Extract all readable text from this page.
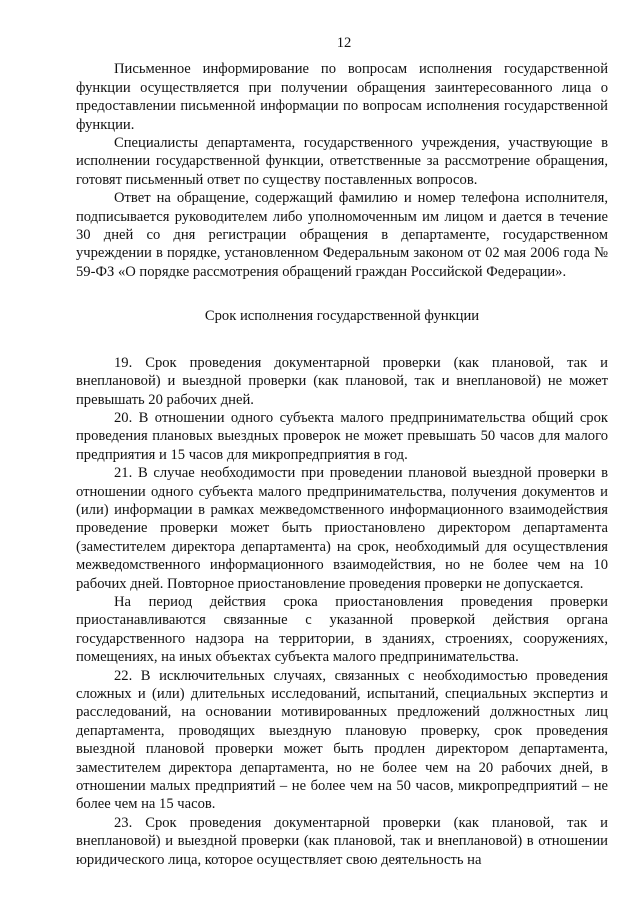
12

Письменное информирование по вопросам исполнения государственной функции осуществляется при получении обращения заинтересованного лица о предоставлении письменной информации по вопросам исполнения государственной функции.

Специалисты департамента, государственного учреждения, участвующие в исполнении государственной функции, ответственные за рассмотрение обращения, готовят письменный ответ по существу поставленных вопросов.

Ответ на обращение, содержащий фамилию и номер телефона исполнителя, подписывается руководителем либо уполномоченным им лицом и дается в течение 30 дней со дня регистрации обращения в департаменте, государственном учреждении в порядке, установленном Федеральным законом от 02 мая 2006 года № 59-ФЗ «О порядке рассмотрения обращений граждан Российской Федерации».

Срок исполнения государственной функции

19. Срок проведения документарной проверки (как плановой, так и внеплановой) и выездной проверки (как плановой, так и внеплановой) не может превышать 20 рабочих дней.

20. В отношении одного субъекта малого предпринимательства общий срок проведения плановых выездных проверок не может превышать 50 часов для малого предприятия и 15 часов для микропредприятия в год.

21. В случае необходимости при проведении плановой выездной проверки в отношении одного субъекта малого предпринимательства, получения документов и (или) информации в рамках межведомственного информационного взаимодействия проведение проверки может быть приостановлено директором департамента (заместителем директора департамента) на срок, необходимый для осуществления межведомственного информационного взаимодействия, но не более чем на 10 рабочих дней. Повторное приостановление проведения проверки не допускается.

На период действия срока приостановления проведения проверки приостанавливаются связанные с указанной проверкой действия органа государственного надзора на территории, в зданиях, строениях, сооружениях, помещениях, на иных объектах субъекта малого предпринимательства.

22. В исключительных случаях, связанных с необходимостью проведения сложных и (или) длительных исследований, испытаний, специальных экспертиз и расследований, на основании мотивированных предложений должностных лиц департамента, проводящих выездную плановую проверку, срок проведения выездной плановой проверки может быть продлен директором департамента, заместителем директора департамента, но не более чем на 20 рабочих дней, в отношении малых предприятий – не более чем на 50 часов, микропредприятий – не более чем на 15 часов.

23. Срок проведения документарной проверки (как плановой, так и внеплановой) и выездной проверки (как плановой, так и внеплановой) в отношении юридического лица, которое осуществляет свою деятельность на
